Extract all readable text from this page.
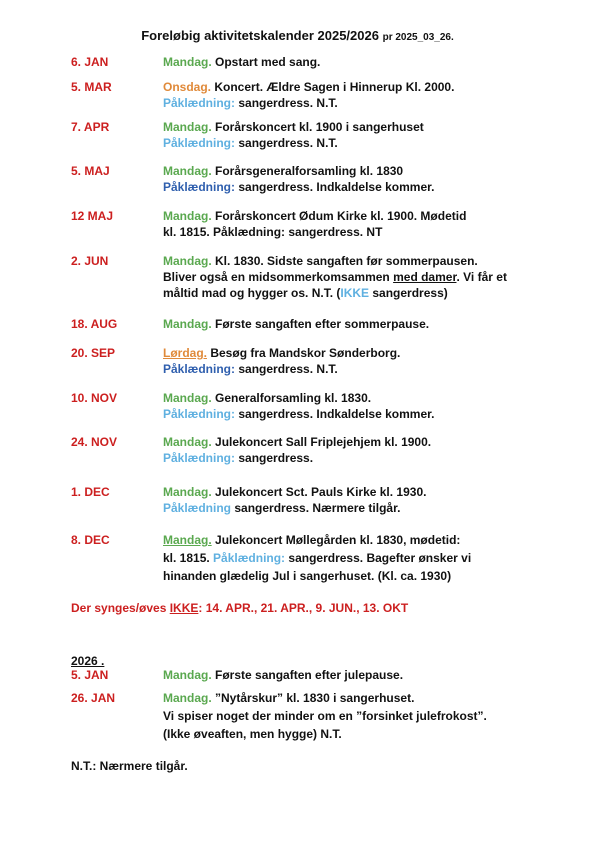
Foreløbig aktivitetskalender 2025/2026 pr 2025_03_26.
6. JAN	Mandag. Opstart med sang.
5. MAR	Onsdag. Koncert. Ældre Sagen i Hinnerup Kl. 2000.
Påklædning: sangerdress. N.T.
7. APR	Mandag. Forårskoncert kl. 1900 i sangerhuset
Påklædning: sangerdress. N.T.
5. MAJ	Mandag. Forårsgeneralforsamling kl. 1830
Påklædning: sangerdress. Indkaldelse kommer.
12 MAJ	Mandag. Forårskoncert Ødum Kirke kl. 1900. Mødetid
kl. 1815. Påklædning: sangerdress. NT
2. JUN	Mandag. Kl. 1830. Sidste sangaften før sommerpausen.
Bliver også en midsommerkomsammen med damer. Vi får et
måltid mad og hygger os. N.T. (IKKE sangerdress)
18. AUG	Mandag. Første sangaften efter sommerpause.
20. SEP	Lørdag. Besøg fra Mandskor Sønderborg.
Påklædning: sangerdress. N.T.
10. NOV	Mandag. Generalforsamling kl. 1830.
Påklædning: sangerdress. Indkaldelse kommer.
24. NOV	Mandag. Julekoncert Sall Friplejehjem kl. 1900.
Påklædning: sangerdress.
1. DEC	Mandag. Julekoncert Sct. Pauls Kirke kl. 1930.
Påklædning sangerdress. Nærmere tilgår.
8. DEC	Mandag. Julekoncert Møllegården kl. 1830, mødetid:
kl. 1815. Påklædning: sangerdress. Bagefter ønsker vi
hinanden glædelig Jul i sangerhuset. (Kl. ca. 1930)
Der synges/øves IKKE: 14. APR., 21. APR., 9. JUN., 13. OKT
2026 .
5. JAN	Mandag. Første sangaften efter julepause.
26. JAN	Mandag. ”Nytårskur” kl. 1830 i sangerhuset.
Vi spiser noget der minder om en ”forsinket julefrokost”.
(Ikke øveaften, men hygge) N.T.
N.T.: Nærmere tilgår.
